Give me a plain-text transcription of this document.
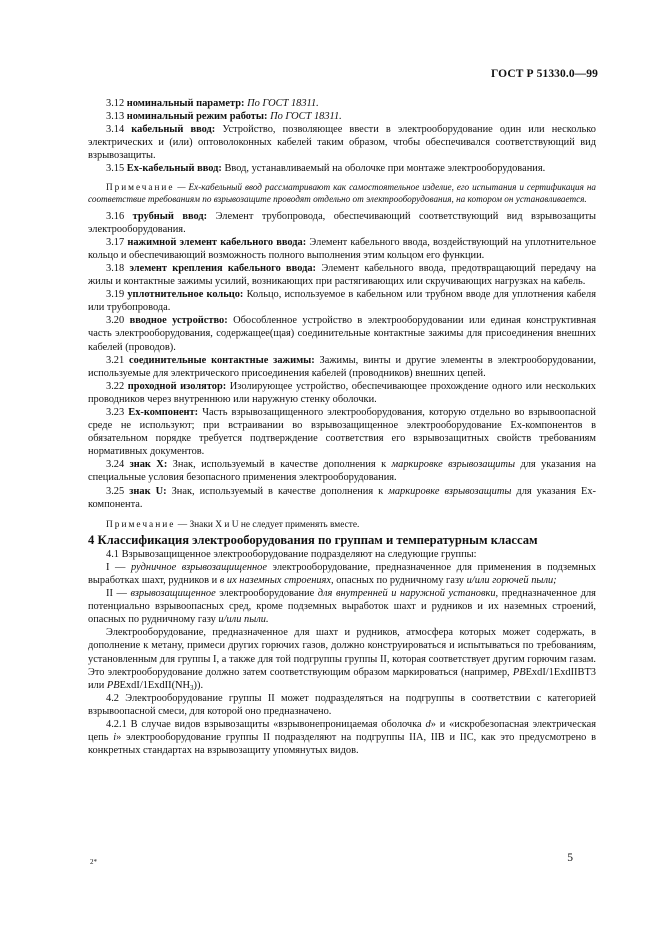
ГОСТ Р 51330.0—99

3.12 номинальный параметр: По ГОСТ 18311.

3.13 номинальный режим работы: По ГОСТ 18311.

3.14 кабельный ввод: Устройство, позволяющее ввести в электрооборудование один или несколько электрических и (или) оптоволоконных кабелей таким образом, чтобы обеспечивался соответствующий вид взрывозащиты.

3.15 Ex-кабельный ввод: Ввод, устанавливаемый на оболочке при монтаже электрооборудования.

Примечание — Ex-кабельный ввод рассматривают как самостоятельное изделие, его испытания и сертификация на соответствие требованиям по взрывозащите проводят отдельно от электрооборудования, на котором он устанавливается.

3.16 трубный ввод: Элемент трубопровода, обеспечивающий соответствующий вид взрывозащиты электрооборудования.

3.17 нажимной элемент кабельного ввода: Элемент кабельного ввода, воздействующий на уплотнительное кольцо и обеспечивающий возможность полного выполнения этим кольцом его функции.

3.18 элемент крепления кабельного ввода: Элемент кабельного ввода, предотвращающий передачу на жилы и контактные зажимы усилий, возникающих при растягивающих или скручивающих нагрузках на кабель.

3.19 уплотнительное кольцо: Кольцо, используемое в кабельном или трубном вводе для уплотнения кабеля или трубопровода.

3.20 вводное устройство: Обособленное устройство в электрооборудовании или единая конструктивная часть электрооборудования, содержащее(щая) соединительные контактные зажимы для присоединения внешних кабелей (проводов).

3.21 соединительные контактные зажимы: Зажимы, винты и другие элементы в электрооборудовании, используемые для электрического присоединения кабелей (проводников) внешних цепей.

3.22 проходной изолятор: Изолирующее устройство, обеспечивающее прохождение одного или нескольких проводников через внутреннюю или наружную стенку оболочки.

3.23 Ex-компонент: Часть взрывозащищенного электрооборудования, которую отдельно во взрывоопасной среде не используют; при встраивании во взрывозащищенное электрооборудование Ex-компонентов в обязательном порядке требуется подтверждение соответствия его взрывозащитных свойств требованиям нормативных документов.

3.24 знак X: Знак, используемый в качестве дополнения к маркировке взрывозащиты для указания на специальные условия безопасного применения электрооборудования.

3.25 знак U: Знак, используемый в качестве дополнения к маркировке взрывозащиты для указания Ex-компонента.

Примечание — Знаки X и U не следует применять вместе.

4 Классификация электрооборудования по группам и температурным классам

4.1 Взрывозащищенное электрооборудование подразделяют на следующие группы:

I — рудничное взрывозащищенное электрооборудование, предназначенное для применения в подземных выработках шахт, рудников и в их наземных строениях, опасных по рудничному газу и/или горючей пыли;

II — взрывозащищенное электрооборудование для внутренней и наружной установки, предназначенное для потенциально взрывоопасных сред, кроме подземных выработок шахт и рудников и их наземных строений, опасных по рудничному газу и/или пыли.

Электрооборудование, предназначенное для шахт и рудников, атмосфера которых может содержать, в дополнение к метану, примеси других горючих газов, должно конструироваться и испытываться по требованиям, установленным для группы I, а также для той подгруппы группы II, которая соответствует другим горючим газам. Это электрооборудование должно затем соответствующим образом маркироваться (например, PBExdI/1ExdIIBT3 или PBExdI/$1ExdII(NH_3)$).

4.2 Электрооборудование группы II может подразделяться на подгруппы в соответствии с категорией взрывоопасной смеси, для которой оно предназначено.

4.2.1 В случае видов взрывозащиты «взрывонепроницаемая оболочка d» и «искробезопасная электрическая цепь i» электрооборудование группы II подразделяют на подгруппы IIA, IIB и IIC, как это предусмотрено в конкретных стандартах на взрывозащиту упомянутых видов.

2*	5
